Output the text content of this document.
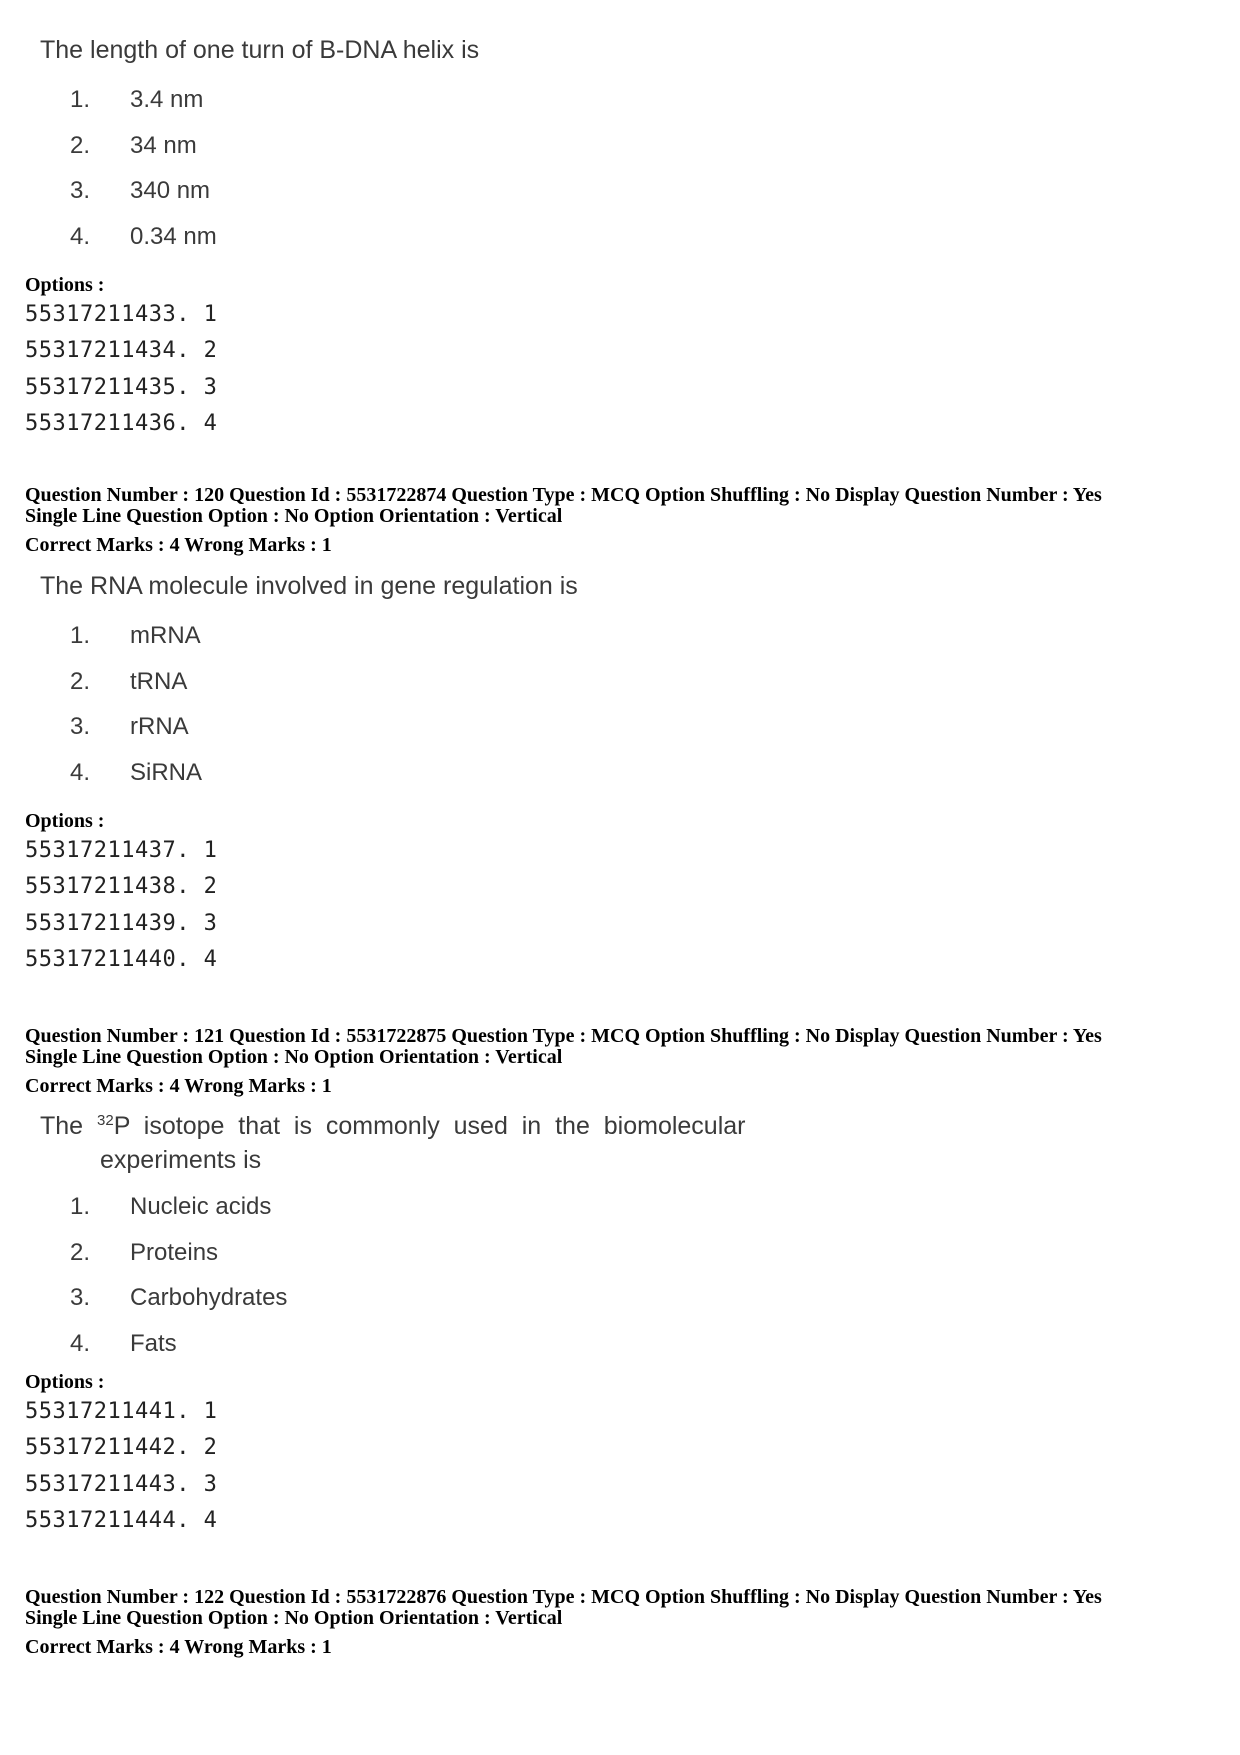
The length of one turn of B-DNA helix is
1. 3.4 nm
2. 34 nm
3. 340 nm
4. 0.34 nm
Options :
55317211433. 1
55317211434. 2
55317211435. 3
55317211436. 4
Question Number : 120 Question Id : 5531722874 Question Type : MCQ Option Shuffling : No Display Question Number : Yes
Single Line Question Option : No Option Orientation : Vertical
Correct Marks : 4 Wrong Marks : 1
The RNA molecule involved in gene regulation is
1. mRNA
2. tRNA
3. rRNA
4. SiRNA
Options :
55317211437. 1
55317211438. 2
55317211439. 3
55317211440. 4
Question Number : 121 Question Id : 5531722875 Question Type : MCQ Option Shuffling : No Display Question Number : Yes
Single Line Question Option : No Option Orientation : Vertical
Correct Marks : 4 Wrong Marks : 1
The $^{32}$P  isotope  that  is  commonly  used  in  the  biomolecular
experiments is
1. Nucleic acids
2. Proteins
3. Carbohydrates
4. Fats
Options :
55317211441. 1
55317211442. 2
55317211443. 3
55317211444. 4
Question Number : 122 Question Id : 5531722876 Question Type : MCQ Option Shuffling : No Display Question Number : Yes
Single Line Question Option : No Option Orientation : Vertical
Correct Marks : 4 Wrong Marks : 1
